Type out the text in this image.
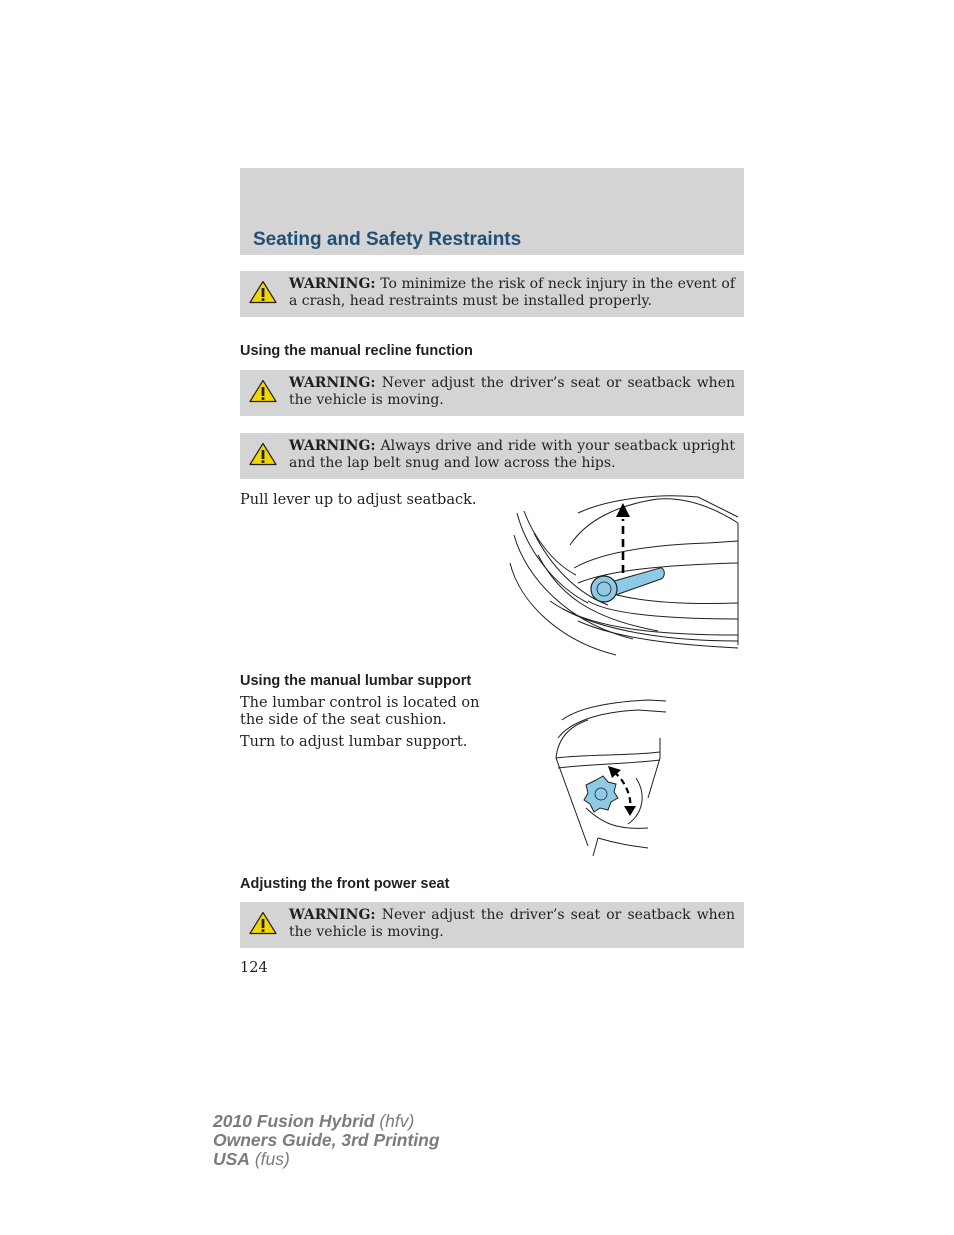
Seating and Safety Restraints
WARNING: To minimize the risk of neck injury in the event of a crash, head restraints must be installed properly.
Using the manual recline function
WARNING: Never adjust the driver’s seat or seatback when the vehicle is moving.
WARNING: Always drive and ride with your seatback upright and the lap belt snug and low across the hips.
Pull lever up to adjust seatback.
Using the manual lumbar support
The lumbar control is located on the side of the seat cushion.
Turn to adjust lumbar support.
Adjusting the front power seat
WARNING: Never adjust the driver’s seat or seatback when the vehicle is moving.
124
2010 Fusion Hybrid (hfv)
Owners Guide, 3rd Printing
USA (fus)
